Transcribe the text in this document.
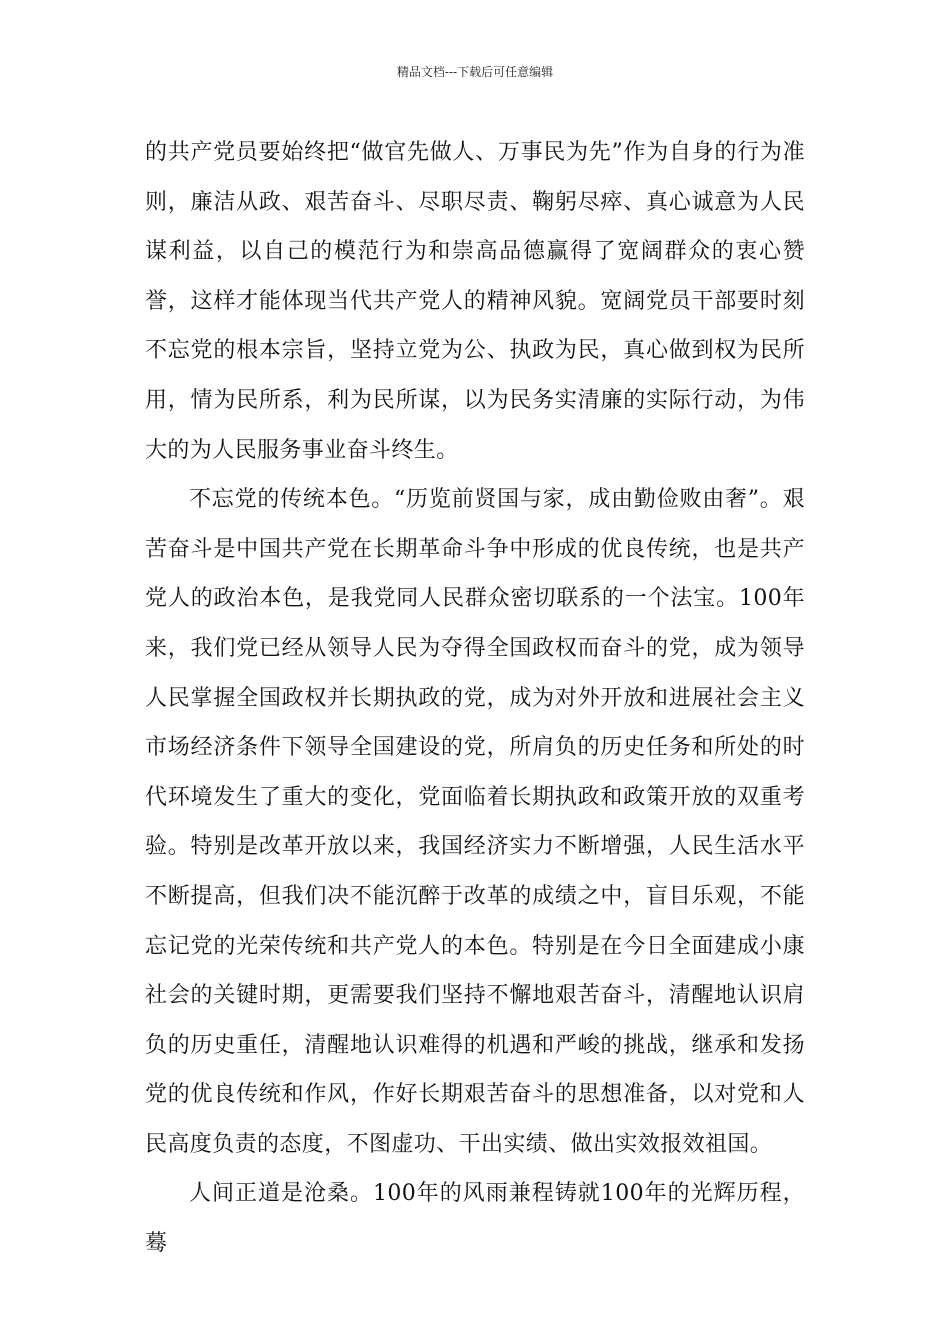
精品文档---下载后可任意编辑

的共产党员要始终把“做官先做人、万事民为先”作为自身的行为准则，廉洁从政、艰苦奋斗、尽职尽责、鞠躬尽瘁、真心诚意为人民谋利益，以自己的模范行为和崇高品德赢得了宽阔群众的衷心赞誉，这样才能体现当代共产党人的精神风貌。宽阔党员干部要时刻不忘党的根本宗旨，坚持立党为公、执政为民，真心做到权为民所用，情为民所系，利为民所谋，以为民务实清廉的实际行动，为伟大的为人民服务事业奋斗终生。

不忘党的传统本色。“历览前贤国与家，成由勤俭败由奢”。艰苦奋斗是中国共产党在长期革命斗争中形成的优良传统，也是共产党人的政治本色，是我党同人民群众密切联系的一个法宝。100年来，我们党已经从领导人民为夺得全国政权而奋斗的党，成为领导人民掌握全国政权并长期执政的党，成为对外开放和进展社会主义市场经济条件下领导全国建设的党，所肩负的历史任务和所处的时代环境发生了重大的变化，党面临着长期执政和政策开放的双重考验。特别是改革开放以来，我国经济实力不断增强，人民生活水平不断提高，但我们决不能沉醉于改革的成绩之中，盲目乐观，不能忘记党的光荣传统和共产党人的本色。特别是在今日全面建成小康社会的关键时期，更需要我们坚持不懈地艰苦奋斗，清醒地认识肩负的历史重任，清醒地认识难得的机遇和严峻的挑战，继承和发扬党的优良传统和作风，作好长期艰苦奋斗的思想准备，以对党和人民高度负责的态度，不图虚功、干出实绩、做出实效报效祖国。

人间正道是沧桑。100年的风雨兼程铸就100年的光辉历程，蓦
